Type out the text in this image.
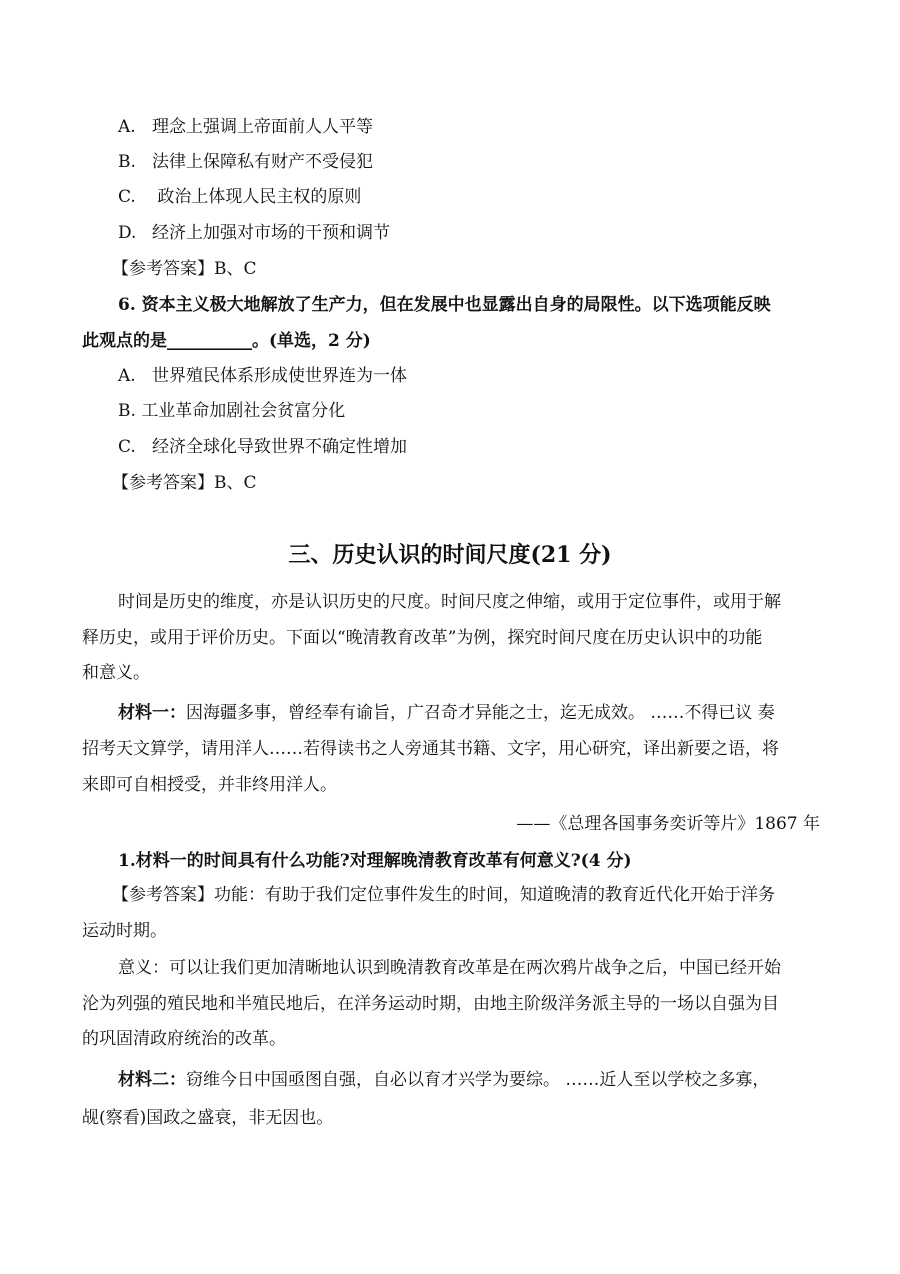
A. 理念上强调上帝面前人人平等
B. 法律上保障私有财产不受侵犯
C. 政治上体现人民主权的原则
D. 经济上加强对市场的干预和调节
【参考答案】B、C
6. 资本主义极大地解放了生产力，但在发展中也显露出自身的局限性。以下选项能反映
此观点的是__________。(单选，2 分)
A. 世界殖民体系形成使世界连为一体
B. 工业革命加剧社会贫富分化
C. 经济全球化导致世界不确定性增加
【参考答案】B、C
三、历史认识的时间尺度(21 分)
时间是历史的维度，亦是认识历史的尺度。时间尺度之伸缩，或用于定位事件，或用于解
释历史，或用于评价历史。下面以“晚清教育改革”为例，探究时间尺度在历史认识中的功能
和意义。
材料一：因海疆多事，曾经奉有谕旨，广召奇才异能之士，迄无成效。 ……不得已议 奏
招考天文算学，请用洋人……若得读书之人旁通其书籍、文字，用心研究，译出新要之语，将
来即可自相授受，并非终用洋人。
——《总理各国事务奕䜣等片》1867 年
1.材料一的时间具有什么功能?对理解晚清教育改革有何意义?(4 分)
【参考答案】功能：有助于我们定位事件发生的时间，知道晚清的教育近代化开始于洋务
运动时期。
意义：可以让我们更加清晰地认识到晚清教育改革是在两次鸦片战争之后，中国已经开始
沦为列强的殖民地和半殖民地后，在洋务运动时期，由地主阶级洋务派主导的一场以自强为目
的巩固清政府统治的改革。
材料二：窃维今日中国亟图自强，自必以育才兴学为要综。 ……近人至以学校之多寡，
觇(察看)国政之盛衰，非无因也。
